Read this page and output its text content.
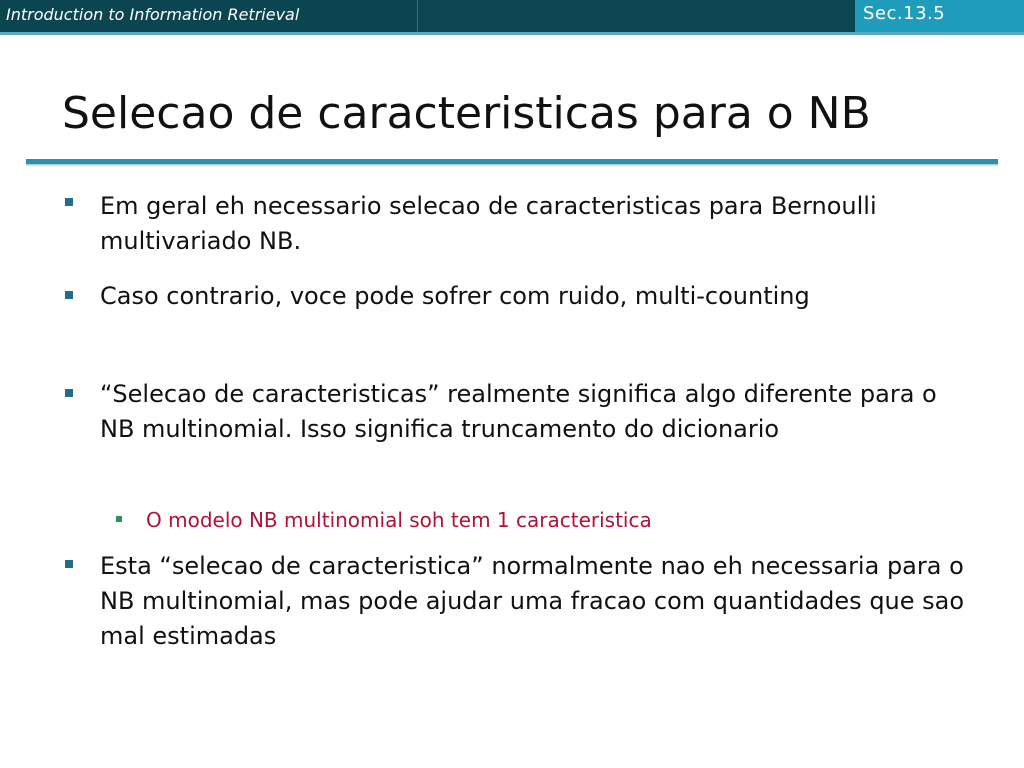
Introduction to Information Retrieval	Sec.13.5
Selecao de caracteristicas para o NB
Em geral eh necessario selecao de caracteristicas para Bernoulli multivariado NB.
Caso contrario, voce pode sofrer com ruido, multi-counting
“Selecao de caracteristicas” realmente significa algo diferente para o NB multinomial. Isso significa truncamento do dicionario
O modelo NB multinomial soh tem 1 caracteristica
Esta “selecao de caracteristica” normalmente nao eh necessaria para o NB multinomial, mas pode ajudar uma fracao com quantidades que sao mal estimadas
